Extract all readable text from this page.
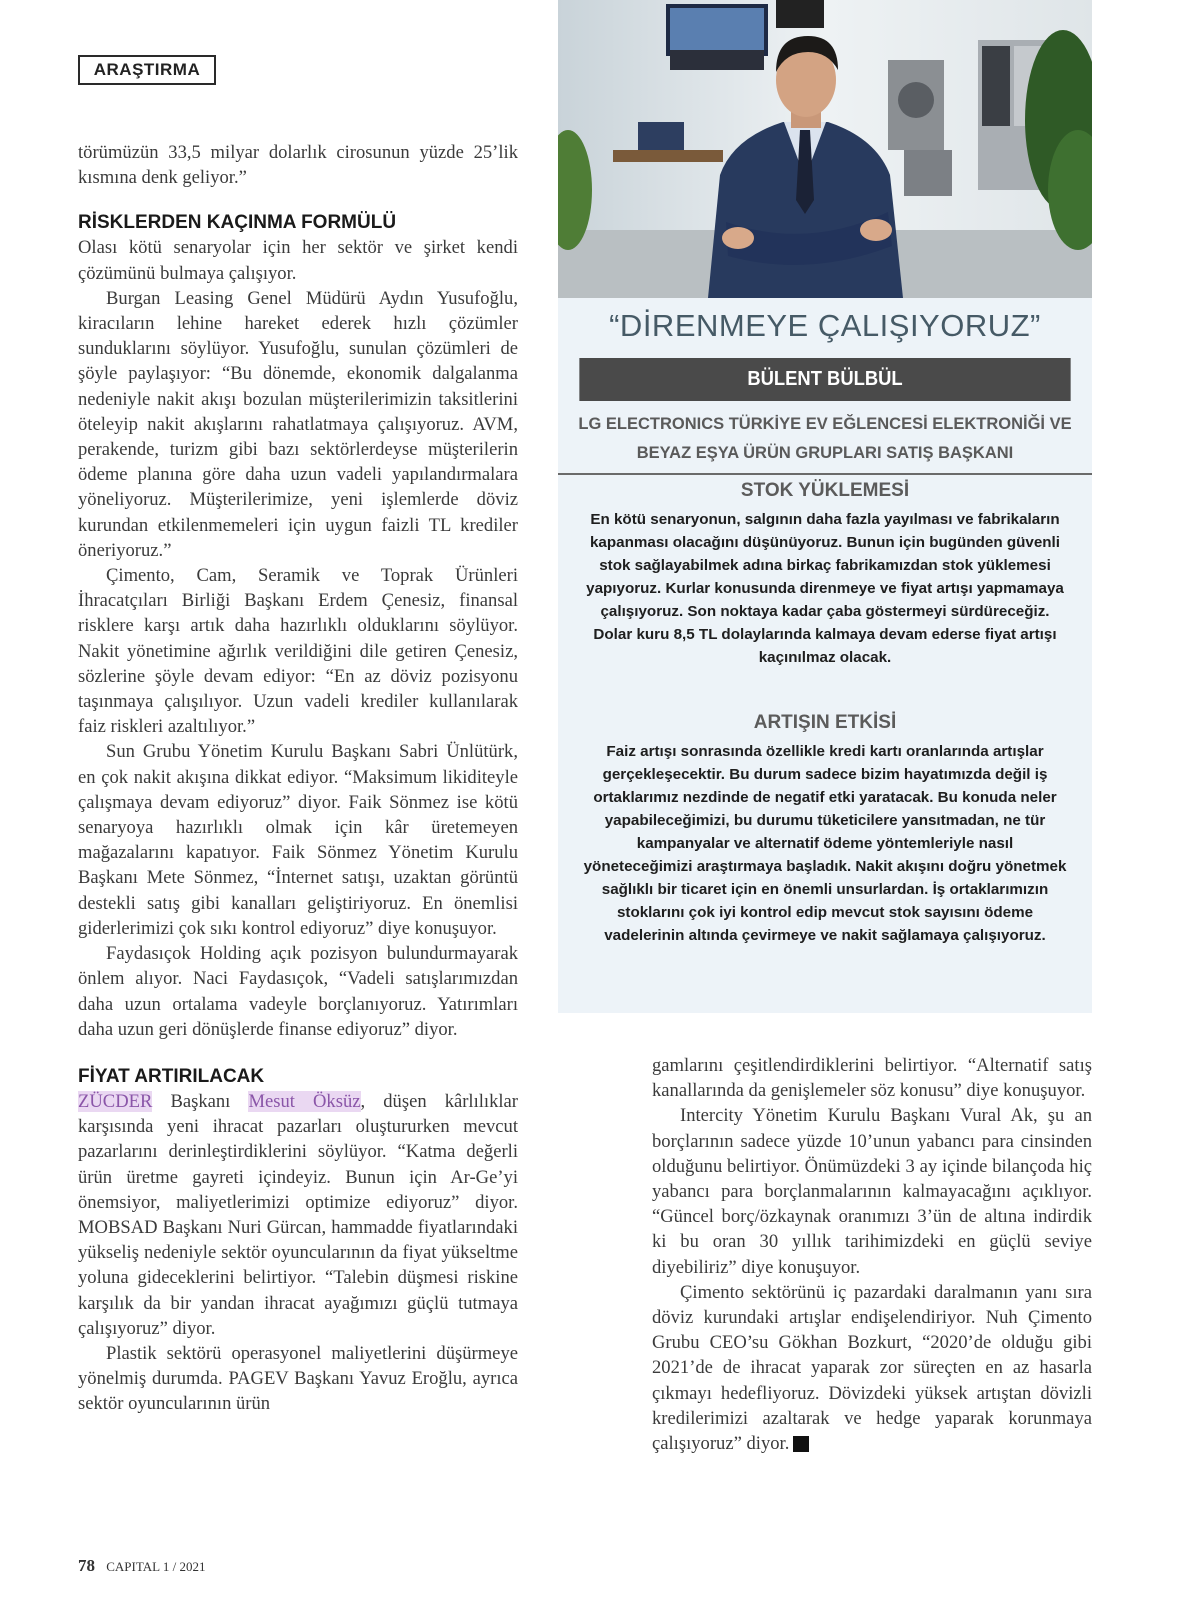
ARAŞTIRMA

törümüzün 33,5 milyar dolarlık cirosunun yüzde 25’lik kısmına denk geliyor.”

RİSKLERDEN KAÇINMA FORMÜLÜ

Olası kötü senaryolar için her sektör ve şirket kendi çözümünü bulmaya çalışıyor.

Burgan Leasing Genel Müdürü Aydın Yusufoğlu, kiracıların lehine hareket ederek hızlı çözümler sunduklarını söylüyor. Yusufoğlu, sunulan çözümleri de şöyle paylaşıyor: “Bu dönemde, ekonomik dalgalanma nedeniyle nakit akışı bozulan müşterilerimizin taksitlerini öteleyip nakit akışlarını rahatlatmaya çalışıyoruz. AVM, perakende, turizm gibi bazı sektörlerdeyse müşterilerin ödeme planına göre daha uzun vadeli yapılandırmalara yöneliyoruz. Müşterilerimize, yeni işlemlerde döviz kurundan etkilenmemeleri için uygun faizli TL krediler öneriyoruz.”

Çimento, Cam, Seramik ve Toprak Ürünleri İhracatçıları Birliği Başkanı Erdem Çenesiz, finansal risklere karşı artık daha hazırlıklı olduklarını söylüyor. Nakit yönetimine ağırlık verildiğini dile getiren Çenesiz, sözlerine şöyle devam ediyor: “En az döviz pozisyonu taşınmaya çalışılıyor. Uzun vadeli krediler kullanılarak faiz riskleri azaltılıyor.”

Sun Grubu Yönetim Kurulu Başkanı Sabri Ünlütürk, en çok nakit akışına dikkat ediyor. “Maksimum likiditeyle çalışmaya devam ediyoruz” diyor. Faik Sönmez ise kötü senaryoya hazırlıklı olmak için kâr üretemeyen mağazalarını kapatıyor. Faik Sönmez Yönetim Kurulu Başkanı Mete Sönmez, “İnternet satışı, uzaktan görüntü destekli satış gibi kanalları geliştiriyoruz. En önemlisi giderlerimizi çok sıkı kontrol ediyoruz” diye konuşuyor.

Faydasıçok Holding açık pozisyon bulundurmayarak önlem alıyor. Naci Faydasıçok, “Vadeli satışlarımızdan daha uzun ortalama vadeyle borçlanıyoruz. Yatırımları daha uzun geri dönüşlerde finanse ediyoruz” diyor.

FİYAT ARTIRILACAK

ZÜCDER Başkanı Mesut Öksüz, düşen kârlılıklar karşısında yeni ihracat pazarları oluştururken mevcut pazarlarını derinleştirdiklerini söylüyor. “Katma değerli ürün üretme gayreti içindeyiz. Bunun için Ar-Ge’yi önemsiyor, maliyetlerimizi optimize ediyoruz” diyor. MOBSAD Başkanı Nuri Gürcan, hammadde fiyatlarındaki yükseliş nedeniyle sektör oyuncularının da fiyat yükseltme yoluna gideceklerini belirtiyor. “Talebin düşmesi riskine karşılık da bir yandan ihracat ayağımızı güçlü tutmaya çalışıyoruz” diyor.

Plastik sektörü operasyonel maliyetlerini düşürmeye yönelmiş durumda. PAGEV Başkanı Yavuz Eroğlu, ayrıca sektör oyuncularının ürün

“DİRENMEYE ÇALIŞIYORUZ”
BÜLENT BÜLBÜL
LG ELECTRONICS TÜRKİYE EV EĞLENCESİ ELEKTRONİĞİ VE
BEYAZ EŞYA ÜRÜN GRUPLARI SATIŞ BAŞKANI
STOK YÜKLEMESİ
En kötü senaryonun, salgının daha fazla yayılması ve fabrikaların kapanması olacağını düşünüyoruz. Bunun için bugünden güvenli stok sağlayabilmek adına birkaç fabrikamızdan stok yüklemesi yapıyoruz. Kurlar konusunda direnmeye ve fiyat artışı yapmamaya çalışıyoruz. Son noktaya kadar çaba göstermeyi sürdüreceğiz. Dolar kuru 8,5 TL dolaylarında kalmaya devam ederse fiyat artışı kaçınılmaz olacak.
ARTIŞIN ETKİSİ
Faiz artışı sonrasında özellikle kredi kartı oranlarında artışlar gerçekleşecektir. Bu durum sadece bizim hayatımızda değil iş ortaklarımız nezdinde de negatif etki yaratacak. Bu konuda neler yapabileceğimizi, bu durumu tüketicilere yansıtmadan, ne tür kampanyalar ve alternatif ödeme yöntemleriyle nasıl yöneteceğimizi araştırmaya başladık. Nakit akışını doğru yönetmek sağlıklı bir ticaret için en önemli unsurlardan. İş ortaklarımızın stoklarını çok iyi kontrol edip mevcut stok sayısını ödeme vadelerinin altında çevirmeye ve nakit sağlamaya çalışıyoruz.

gamlarını çeşitlendirdiklerini belirtiyor. “Alternatif satış kanallarında da genişlemeler söz konusu” diye konuşuyor.

Intercity Yönetim Kurulu Başkanı Vural Ak, şu an borçlarının sadece yüzde 10’unun yabancı para cinsinden olduğunu belirtiyor. Önümüzdeki 3 ay içinde bilançoda hiç yabancı para borçlanmalarının kalmayacağını açıklıyor. “Güncel borç/özkaynak oranımızı 3’ün de altına indirdik ki bu oran 30 yıllık tarihimizdeki en güçlü seviye diyebiliriz” diye konuşuyor.

Çimento sektörünü iç pazardaki daralmanın yanı sıra döviz kurundaki artışlar endişelendiriyor. Nuh Çimento Grubu CEO’su Gökhan Bozkurt, “2020’de olduğu gibi 2021’de de ihracat yaparak zor süreçten en az hasarla çıkmayı hedefliyoruz. Dövizdeki yüksek artıştan dövizli kredilerimizi azaltarak ve hedge yaparak korunmaya çalışıyoruz” diyor. C

78 CAPITAL 1 / 2021
